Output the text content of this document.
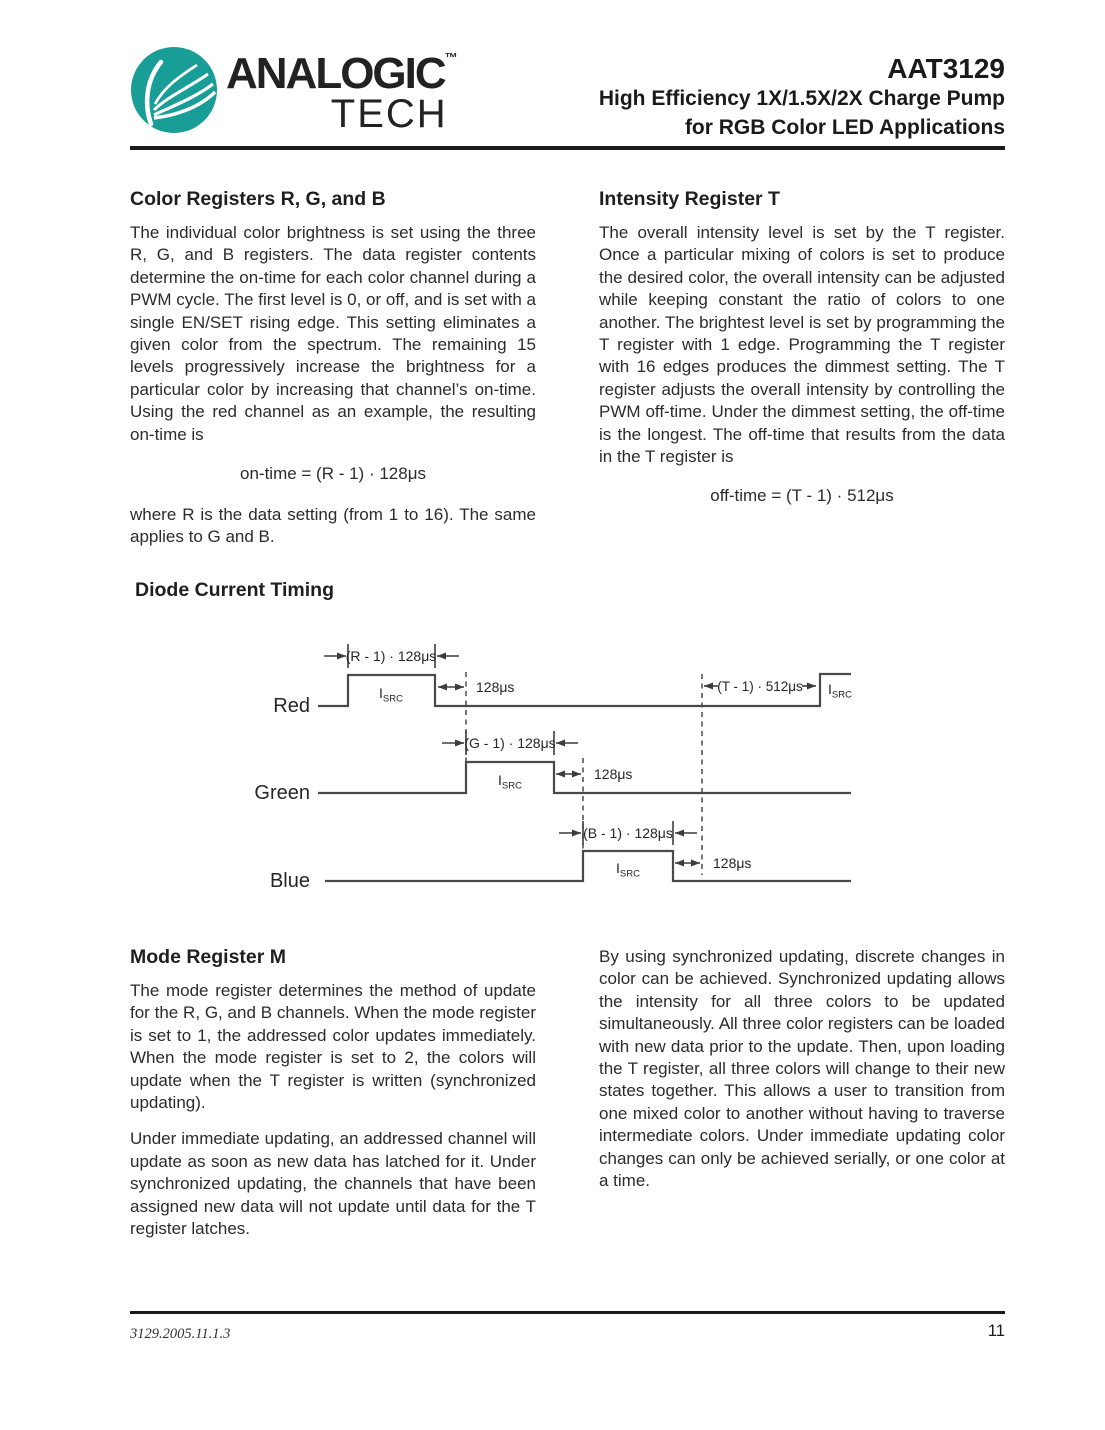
ANALOGIC™
TECH
AAT3129
High Efficiency 1X/1.5X/2X Charge Pump
for RGB Color LED Applications
Color Registers R, G, and B

The individual color brightness is set using the three R, G, and B registers. The data register contents determine the on-time for each color channel during a PWM cycle. The first level is 0, or off, and is set with a single EN/SET rising edge. This setting eliminates a given color from the spectrum. The remaining 15 levels progressively increase the brightness for a particular color by increasing that channel’s on-time. Using the red channel as an example, the resulting on-time is

on-time = (R - 1) · 128μs

where R is the data setting (from 1 to 16). The same applies to G and B.

Intensity Register T

The overall intensity level is set by the T register. Once a particular mixing of colors is set to produce the desired color, the overall intensity can be adjusted while keeping constant the ratio of colors to one another. The brightest level is set by programming the T register with 1 edge. Programming the T register with 16 edges produces the dimmest setting. The T register adjusts the overall intensity by controlling the PWM off-time. Under the dimmest setting, the off-time is the longest. The off-time that results from the data in the T register is

off-time = (T - 1) · 512μs
Diode Current Timing
Red
(R - 1) · 128μs
$I_{SRC}$
128μs	(T - 1) · 512μs $I_{SRC}$
Green
(G - 1) · 128μs
$I_{SRC}$
128μs
Blue
(B - 1) · 128μs
$I_{SRC}$
128μs
Mode Register M

The mode register determines the method of update for the R, G, and B channels. When the mode register is set to 1, the addressed color updates immediately. When the mode register is set to 2, the colors will update when the T register is written (synchronized updating).

Under immediate updating, an addressed channel will update as soon as new data has latched for it. Under synchronized updating, the channels that have been assigned new data will not update until data for the T register latches.

By using synchronized updating, discrete changes in color can be achieved. Synchronized updating allows the intensity for all three colors to be updated simultaneously. All three color registers can be loaded with new data prior to the update. Then, upon loading the T register, all three colors will change to their new states together. This allows a user to transition from one mixed color to another without having to traverse intermediate colors. Under immediate updating color changes can only be achieved serially, or one color at a time.

3129.2005.11.1.3	11
